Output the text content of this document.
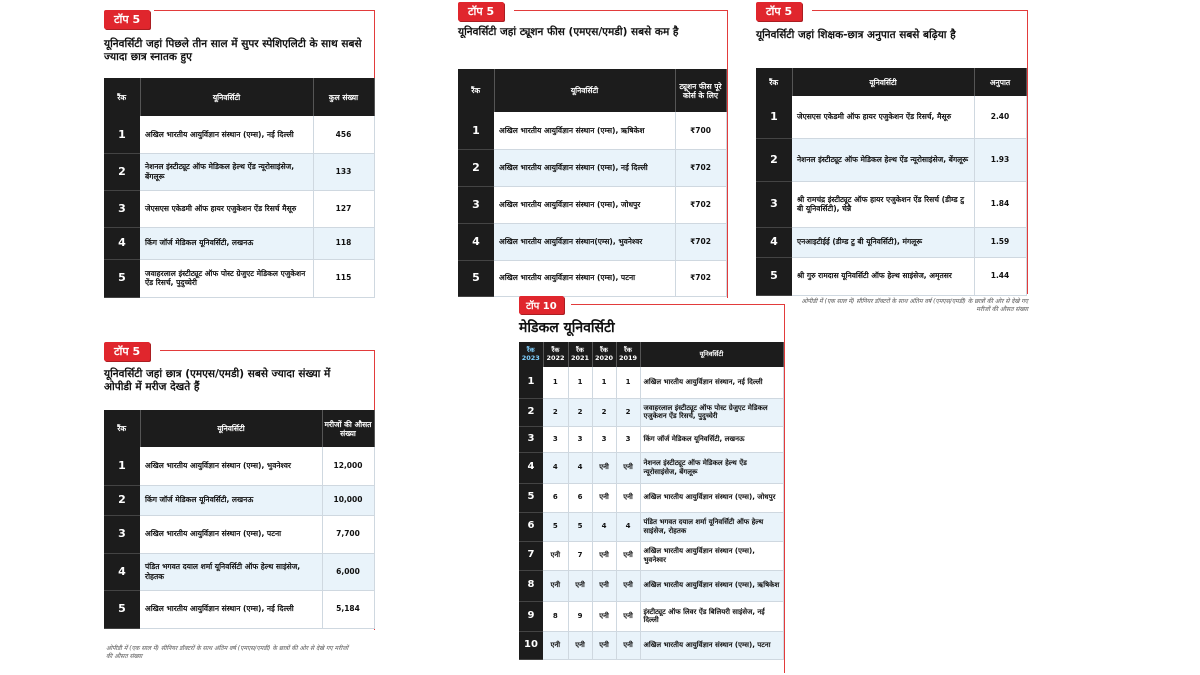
टॉप 5
यूनिवर्सिटी जहां पिछले तीन साल में सुपर स्पेशिएलिटी के साथ सबसे ज्यादा छात्र स्नातक हुए
रैंक	यूनिवर्सिटी	कुल संख्या
1	अखिल भारतीय आयुर्विज्ञान संस्थान (एम्स), नई दिल्ली	456
2	नेशनल इंस्टीट्यूट ऑफ मेडिकल हेल्थ ऐंड न्यूरोसाइंसेज, बेंगलूरू	133
3	जेएसएस एकेडमी ऑफ हायर एजुकेशन ऐंड रिसर्च मैसूरु	127
4	किंग जॉर्ज मेडिकल यूनिवर्सिटी, लखनऊ	118
5	जवाहरलाल इंस्टीट्यूट ऑफ पोस्ट ग्रेजुएट मेडिकल एजुकेशन ऐंड रिसर्च, पुदुच्चेरी	115
टॉप 5
यूनिवर्सिटी जहां ट्यूशन फीस (एमएस/एमडी) सबसे कम है
रैंक	यूनिवर्सिटी	ट्यूशन फीस पूरे कोर्स के लिए
1	अखिल भारतीय आयुर्विज्ञान संस्थान (एम्स), ऋषिकेश	₹700
2	अखिल भारतीय आयुर्विज्ञान संस्थान (एम्स), नई दिल्ली	₹702
3	अखिल भारतीय आयुर्विज्ञान संस्थान (एम्स), जोधपुर	₹702
4	अखिल भारतीय आयुर्विज्ञान संस्थान(एम्स), भुवनेश्वर	₹702
5	अखिल भारतीय आयुर्विज्ञान संस्थान (एम्स), पटना	₹702
टॉप 5
यूनिवर्सिटी जहां शिक्षक-छात्र अनुपात सबसे बढ़िया है
रैंक	यूनिवर्सिटी	अनुपात
1	जेएसएस एकेडमी ऑफ हायर एजुकेशन ऐंड रिसर्च, मैसूरु	2.40
2	नेशनल इंस्टीट्यूट ऑफ मेडिकल हेल्थ ऐंड न्यूरोसाइंसेज, बेंगलूरू	1.93
3	श्री रामचंद्र इंस्टीट्यूट ऑफ हायर एजुकेशन ऐंड रिसर्च (डीम्ड टु बी यूनिवर्सिटी), चेन्नै	1.84
4	एनआइटीईई (डीम्ड टु बी यूनिवर्सिटी), मंगलूरू	1.59
5	श्री गुरु रामदास यूनिवर्सिटी ऑफ हेल्थ साइंसेज, अमृतसर	1.44
ओपीडी में (एक साल में) सीनियर डॉक्टरों के साथ अंतिम वर्ष (एमएस/एमडी) के छात्रों की ओर से देखे गए मरीजों की औसत संख्या
टॉप 5
यूनिवर्सिटी जहां छात्र (एमएस/एमडी) सबसे ज्यादा संख्या में ओपीडी में मरीज देखते हैं
रैंक	यूनिवर्सिटी	मरीजों की औसत संख्या
1	अखिल भारतीय आयुर्विज्ञान संस्थान (एम्स), भुवनेश्वर	12,000
2	किंग जॉर्ज मेडिकल यूनिवर्सिटी, लखनऊ	10,000
3	अखिल भारतीय आयुर्विज्ञान संस्थान (एम्स), पटना	7,700
4	पंडित भगवत दयाल शर्मा यूनिवर्सिटी ऑफ हेल्थ साइंसेज, रोहतक	6,000
5	अखिल भारतीय आयुर्विज्ञान संस्थान (एम्स), नई दिल्ली	5,184
ओपीडी में (एक साल में) सीनियर डॉक्टरों के साथ अंतिम वर्ष (एमएस/एमडी) के छात्रों की ओर से देखे गए मरीजों की औसत संख्या
टॉप 10
मेडिकल यूनिवर्सिटी
रैंक 2023	रैंक 2022	रैंक 2021	रैंक 2020	रैंक 2019	यूनिवर्सिटी
1	1	1	1	1	अखिल भारतीय आयुर्विज्ञान संस्थान, नई दिल्ली
2	2	2	2	2	जवाहरलाल इंस्टीट्यूट ऑफ पोस्ट ग्रेजुएट मेडिकल एजुकेशन ऐंड रिसर्च, पुदुच्चेरी
3	3	3	3	3	किंग जॉर्ज मेडिकल यूनिवर्सिटी, लखनऊ
4	4	4	एनी	एनी	नेशनल इंस्टीट्यूट ऑफ मेडिकल हेल्थ ऐंड न्यूरोसाइंसेज, बेंगलूरू
5	6	6	एनी	एनी	अखिल भारतीय आयुर्विज्ञान संस्थान (एम्स), जोधपुर
6	5	5	4	4	पंडित भगवत दयाल शर्मा यूनिवर्सिटी ऑफ हेल्थ साइंसेज, रोहतक
7	एनी	7	एनी	एनी	अखिल भारतीय आयुर्विज्ञान संस्थान (एम्स), भुवनेश्वर
8	एनी	एनी	एनी	एनी	अखिल भारतीय आयुर्विज्ञान संस्थान (एम्स), ऋषिकेश
9	8	9	एनी	एनी	इंस्टीट्यूट ऑफ लिवर ऐंड बिलियरी साइंसेज, नई दिल्ली
10	एनी	एनी	एनी	एनी	अखिल भारतीय आयुर्विज्ञान संस्थान (एम्स), पटना
